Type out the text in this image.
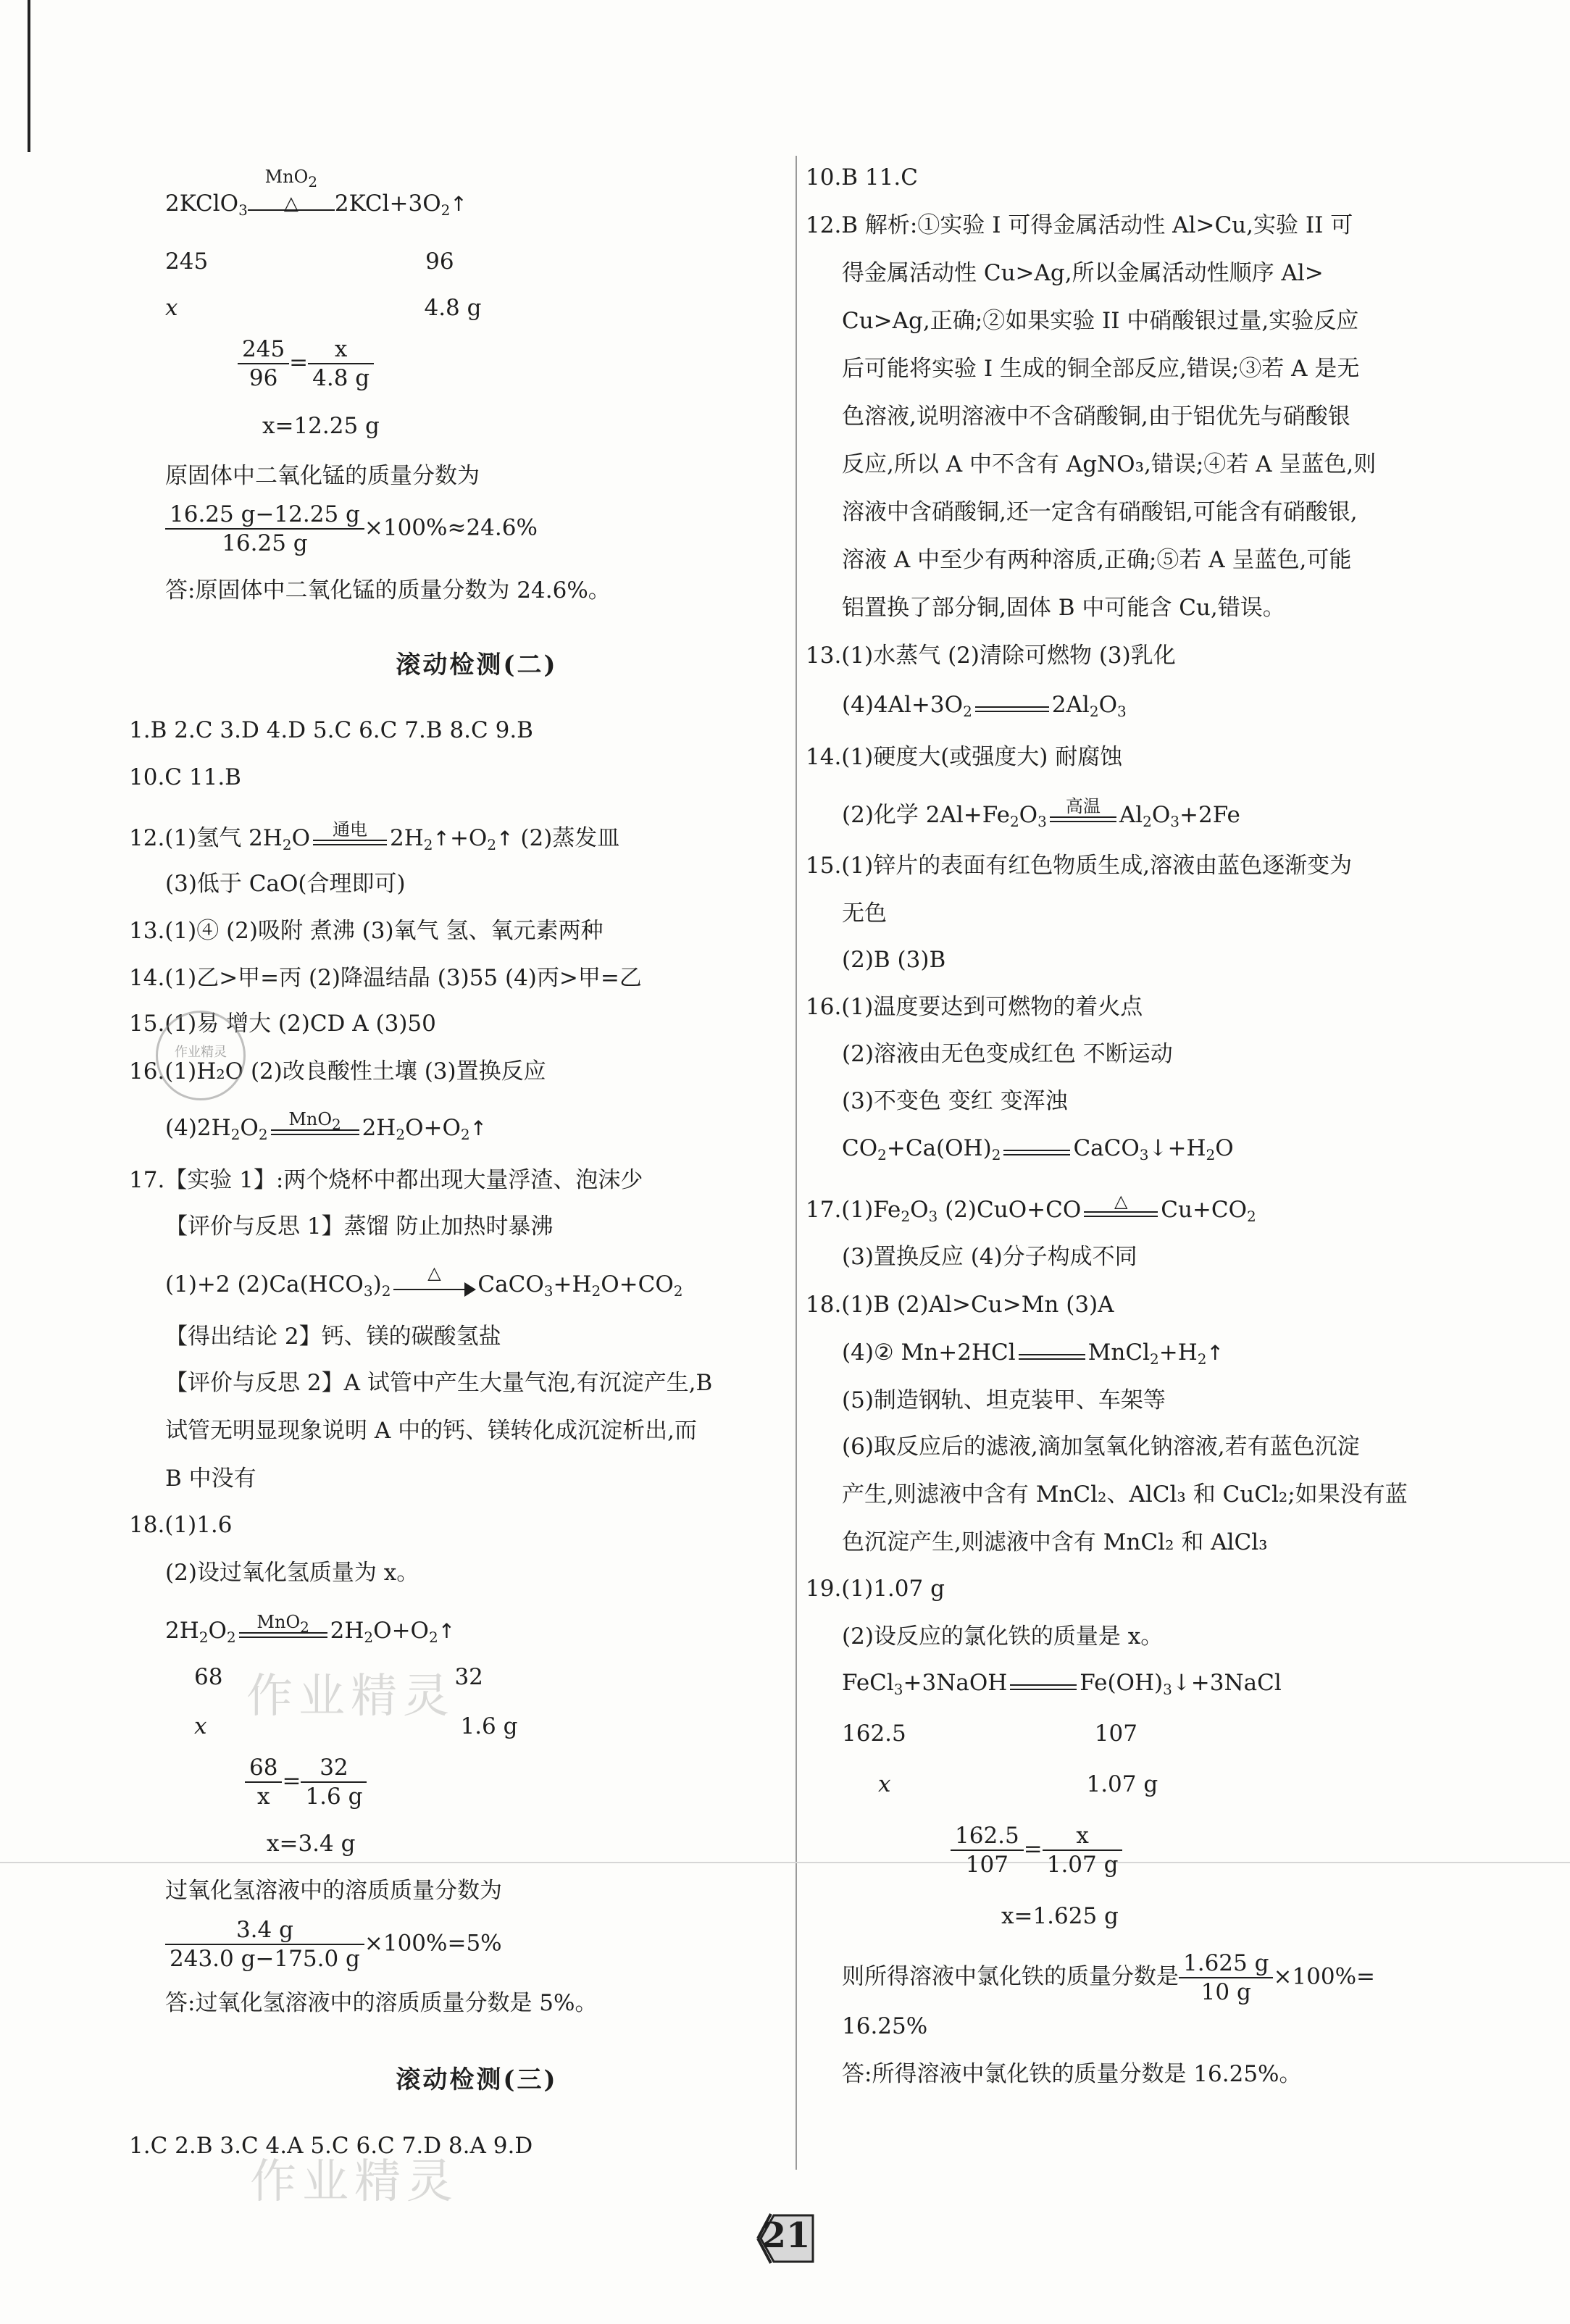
2KClO$_3$
MnO$_2$
△	$2KCl+3O_2↑$
245	96
x	4.8 g
$\frac{245}{96} = \frac{x}{4.8 g}$
x=12.25 g
原固体中二氧化锰的质量分数为
$\frac{16.25 g-12.25 g}{16.25 g} \times 100\%\approx 24.6\%$
答:原固体中二氧化锰的质量分数为 24.6%。
滚动检测(二)
1.B 2.C 3.D 4.D 5.C 6.C 7.B 8.C 9.B
10.C 11.B
12.(1)氢气 $2H_2O$	通电	$2H_2↑+O_2↑$ (2)蒸发皿
(3)低于 CaO(合理即可)
13.(1)④ (2)吸附 煮沸 (3)氧气 氢、氧元素两种
14.(1)乙>甲=丙 (2)降温结晶 (3)55 (4)丙>甲=乙
15.(1)易 增大 (2)CD A (3)50
16.(1)H₂O (2)改良酸性土壤 (3)置换反应
$(4)2H_2O_2$
MnO$_2$ $2H_2O+O_2↑$
17.【实验 1】:两个烧杯中都出现大量浮渣、泡沫少
【评价与反思 1】蒸馏 防止加热时暴沸
(1)+2 $(2)Ca(HCO_3)_2$
△	$CaCO_3+H_2O+CO_2$
【得出结论 2】钙、镁的碳酸氢盐
【评价与反思 2】A 试管中产生大量气泡,有沉淀产生,B
试管无明显现象说明 A 中的钙、镁转化成沉淀析出,而
B 中没有
18.(1)1.6
(2)设过氧化氢质量为 x。
$2H_2O_2$
MnO$_2$ $2H_2O+O_2↑$
68	32
x	1.6 g
$\frac{68}{x} = \frac{32}{1.6 g}$
x=3.4 g
过氧化氢溶液中的溶质质量分数为
$\frac{3.4 g}{243.0 g-175.0 g} \times 100\%=5\%$
答:过氧化氢溶液中的溶质质量分数是 5%。
滚动检测(三)
1.C 2.B 3.C 4.A 5.C 6.C 7.D 8.A 9.D
10.B 11.C
12.B 解析:①实验 I 可得金属活动性 Al>Cu,实验 II 可
得金属活动性 Cu>Ag,所以金属活动性顺序 Al>
Cu>Ag,正确;②如果实验 II 中硝酸银过量,实验反应
后可能将实验 I 生成的铜全部反应,错误;③若 A 是无
色溶液,说明溶液中不含硝酸铜,由于铝优先与硝酸银
反应,所以 A 中不含有 AgNO₃,错误;④若 A 呈蓝色,则
溶液中含硝酸铜,还一定含有硝酸铝,可能含有硝酸银,
溶液 A 中至少有两种溶质,正确;⑤若 A 呈蓝色,可能
铝置换了部分铜,固体 B 中可能含 Cu,错误。
13.(1)水蒸气 (2)清除可燃物 (3)乳化
$(4)4Al+3O_2$	$2Al_2O_3$
14.(1)硬度大(或强度大) 耐腐蚀
(2)化学 $2Al+Fe_2O_3$
高温 $Al_2O_3+2Fe$
15.(1)锌片的表面有红色物质生成,溶液由蓝色逐渐变为
无色
(2)B (3)B
16.(1)温度要达到可燃物的着火点
(2)溶液由无色变成红色 不断运动
(3)不变色 变红 变浑浊
$CO_2+Ca(OH)_2$	$CaCO_3↓+H_2O$
$17.(1)Fe_2O_3$ (2)CuO+CO	△	$Cu+CO_2$
(3)置换反应 (4)分子构成不同
18.(1)B (2)Al>Cu>Mn (3)A
(4)② Mn+2HCl	$MnCl_2+H_2↑$
(5)制造钢轨、坦克装甲、车架等
(6)取反应后的滤液,滴加氢氧化钠溶液,若有蓝色沉淀
产生,则滤液中含有 MnCl₂、AlCl₃ 和 CuCl₂;如果没有蓝
色沉淀产生,则滤液中含有 MnCl₂ 和 AlCl₃
19.(1)1.07 g
(2)设反应的氯化铁的质量是 x。
FeCl$_3$+3NaOH	$Fe(OH)_3↓+3NaCl$
162.5	107
x	1.07 g
$\frac{162.5}{107} = \frac{x}{1.07 g}$
x=1.625 g
则所得溶液中氯化铁的质量分数是 $\frac{1.625 g}{10 g} \times 100\%=$
16.25%
答:所得溶液中氯化铁的质量分数是 16.25%。
作业精灵
作业精灵
作业精灵
21
